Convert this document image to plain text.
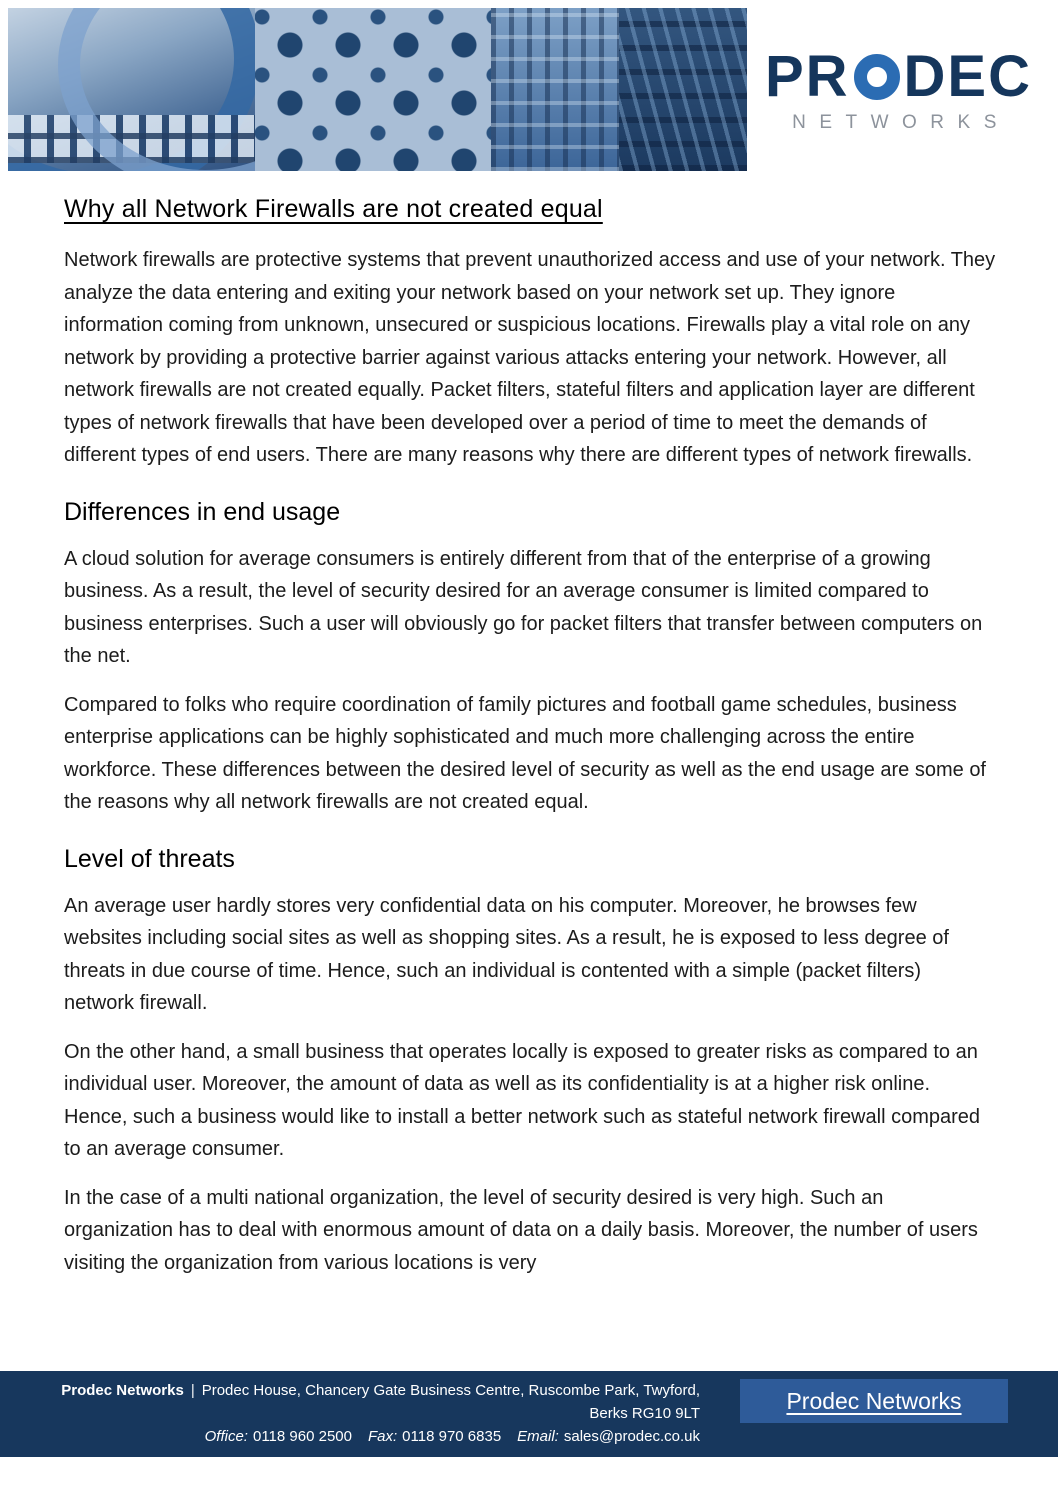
PR DEC
NETWORKS
Why all Network Firewalls are not created equal

Network firewalls are protective systems that prevent unauthorized access and use of your network. They analyze the data entering and exiting your network based on your network set up. They ignore information coming from unknown, unsecured or suspicious locations. Firewalls play a vital role on any network by providing a protective barrier against various attacks entering your network. However, all network firewalls are not created equally. Packet filters, stateful filters and application layer are different types of network firewalls that have been developed over a period of time to meet the demands of different types of end users. There are many reasons why there are different types of network firewalls.

Differences in end usage

A cloud solution for average consumers is entirely different from that of the enterprise of a growing business. As a result, the level of security desired for an average consumer is limited compared to business enterprises. Such a user will obviously go for packet filters that transfer between computers on the net.

Compared to folks who require coordination of family pictures and football game schedules, business enterprise applications can be highly sophisticated and much more challenging across the entire workforce. These differences between the desired level of security as well as the end usage are some of the reasons why all network firewalls are not created equal.

Level of threats

An average user hardly stores very confidential data on his computer. Moreover, he browses few websites including social sites as well as shopping sites. As a result, he is exposed to less degree of threats in due course of time. Hence, such an individual is contented with a simple (packet filters) network firewall.

On the other hand, a small business that operates locally is exposed to greater risks as compared to an individual user. Moreover, the amount of data as well as its confidentiality is at a higher risk online. Hence, such a business would like to install a better network such as stateful network firewall compared to an average consumer.

In the case of a multi national organization, the level of security desired is very high. Such an organization has to deal with enormous amount of data on a daily basis. Moreover, the number of users visiting the organization from various locations is very

Prodec Networks | Prodec House, Chancery Gate Business Centre, Ruscombe Park, Twyford,
Berks RG10 9LT
Office: 0118 960 2500 Fax: 0118 970 6835 Email: sales@prodec.co.uk
Prodec Networks
